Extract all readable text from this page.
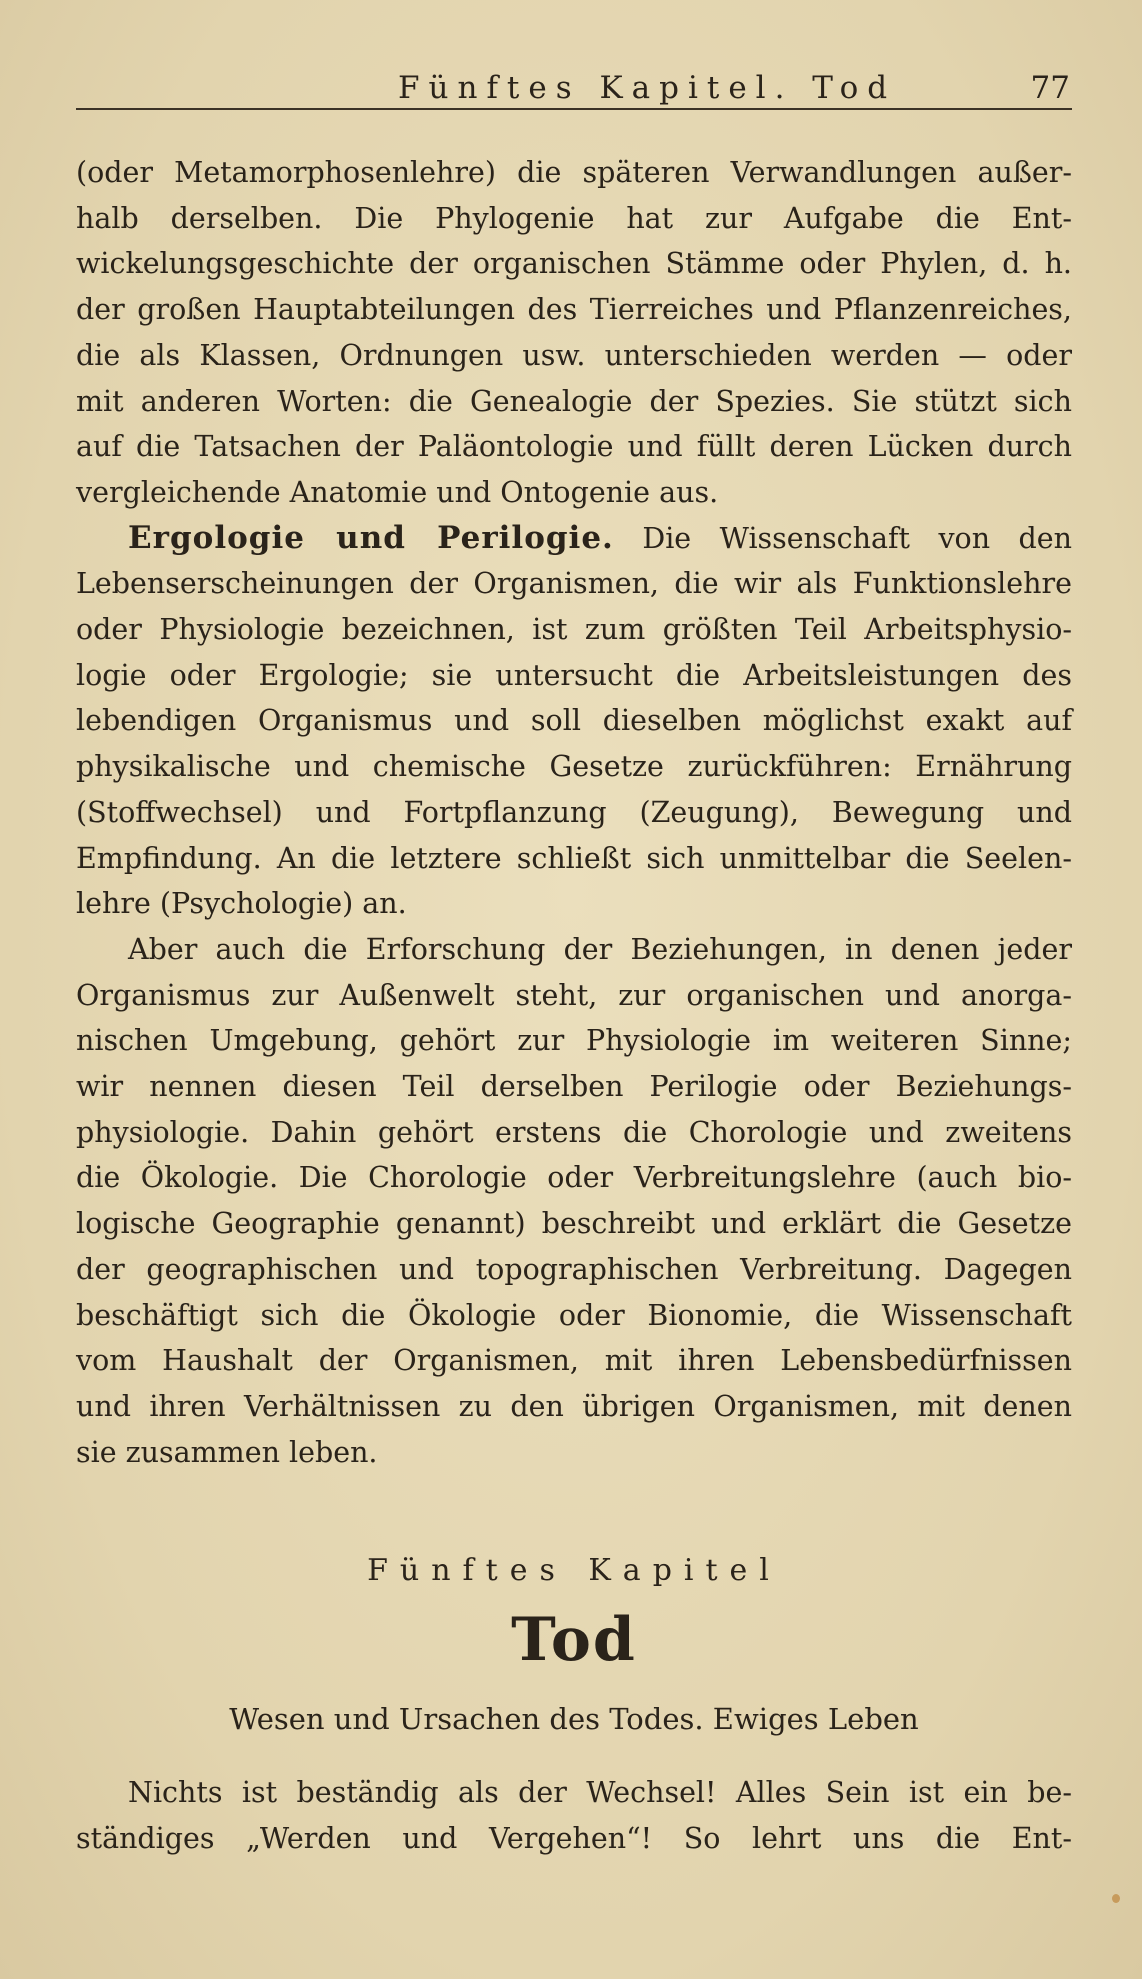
Fünftes Kapitel. Tod	77

(oder Metamorphosenlehre) die späteren Verwandlungen außer-
halb derselben. Die Phylogenie hat zur Aufgabe die Ent-
wickelungsgeschichte der organischen Stämme oder Phylen, d. h.
der großen Hauptabteilungen des Tierreiches und Pflanzenreiches,
die als Klassen, Ordnungen usw. unterschieden werden — oder
mit anderen Worten: die Genealogie der Spezies. Sie stützt sich
auf die Tatsachen der Paläontologie und füllt deren Lücken durch
vergleichende Anatomie und Ontogenie aus.

Ergologie und Perilogie. Die Wissenschaft von den
Lebenserscheinungen der Organismen, die wir als Funktionslehre
oder Physiologie bezeichnen, ist zum größten Teil Arbeitsphysio-
logie oder Ergologie; sie untersucht die Arbeitsleistungen des
lebendigen Organismus und soll dieselben möglichst exakt auf
physikalische und chemische Gesetze zurückführen: Ernährung
(Stoffwechsel) und Fortpflanzung (Zeugung), Bewegung und
Empfindung. An die letztere schließt sich unmittelbar die Seelen-
lehre (Psychologie) an.

Aber auch die Erforschung der Beziehungen, in denen jeder
Organismus zur Außenwelt steht, zur organischen und anorga-
nischen Umgebung, gehört zur Physiologie im weiteren Sinne;
wir nennen diesen Teil derselben Perilogie oder Beziehungs-
physiologie. Dahin gehört erstens die Chorologie und zweitens
die Ökologie. Die Chorologie oder Verbreitungslehre (auch bio-
logische Geographie genannt) beschreibt und erklärt die Gesetze
der geographischen und topographischen Verbreitung. Dagegen
beschäftigt sich die Ökologie oder Bionomie, die Wissenschaft
vom Haushalt der Organismen, mit ihren Lebensbedürfnissen
und ihren Verhältnissen zu den übrigen Organismen, mit denen
sie zusammen leben.

Fünftes Kapitel
Tod
Wesen und Ursachen des Todes. Ewiges Leben

Nichts ist beständig als der Wechsel! Alles Sein ist ein be-
ständiges „Werden und Vergehen“! So lehrt uns die Ent-
